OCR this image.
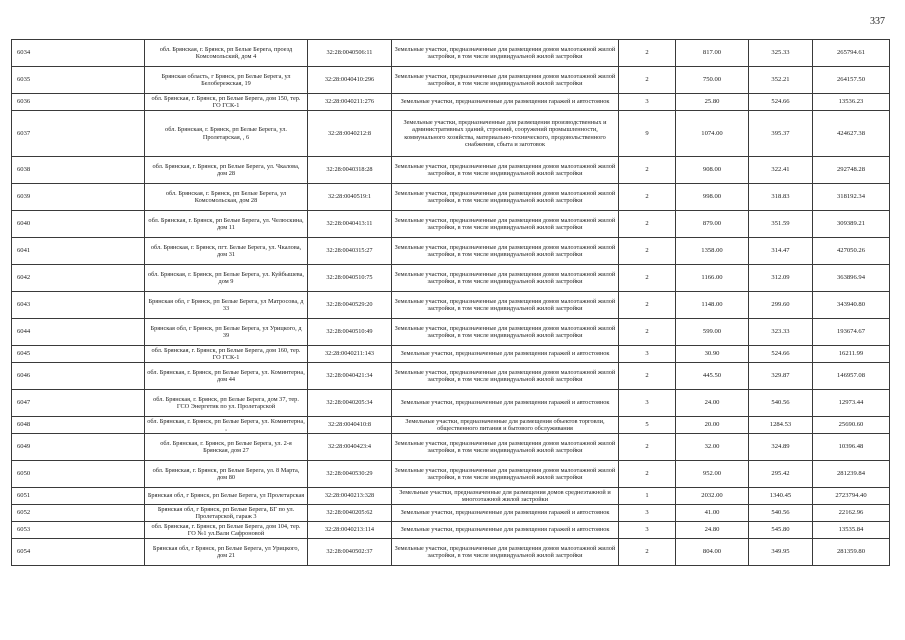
337
6034	обл. Брянская, г. Брянск, рп Белые Берега, проезд Комсомольский, дом 4	32:28:0040506:11	Земельные участки, предназначенные для размещения домов малоэтажной жилой застройки, в том числе индивидуальной жилой застройки	2	817.00	325.33	265794.61
6035	Брянская область, г Брянск, рп Белые Берега, ул Белобережская, 19	32:28:0040410:296	Земельные участки, предназначенные для размещения домов малоэтажной жилой застройки, в том числе индивидуальной жилой застройки	2	750.00	352.21	264157.50
6036	обл. Брянская, г. Брянск, рп Белые Берега, дом 150, тер. ГО ГСК-1	32:28:0040211:276	Земельные участки, предназначенные для размещения гаражей и автостоянок	3	25.80	524.66	13536.23
6037	обл. Брянская, г. Брянск, рп Белые Берега, ул. Пролетарская, , 6	32:28:0040212:8	Земельные участки, предназначенные для размещения производственных и административных зданий, строений, сооружений промышленности, коммунального хозяйства, материально-технического, продовольственного снабжения, сбыта и заготовок	9	1074.00	395.37	424627.38
6038	обл. Брянская, г. Брянск, рп Белые Берега, ул. Чкалова, дом 28	32:28:0040318:28	Земельные участки, предназначенные для размещения домов малоэтажной жилой застройки, в том числе индивидуальной жилой застройки	2	908.00	322.41	292748.28
6039	обл. Брянская, г. Брянск, рп Белые Берега, ул Комсомольская, дом 28	32:28:0040519:1	Земельные участки, предназначенные для размещения домов малоэтажной жилой застройки, в том числе индивидуальной жилой застройки	2	998.00	318.83	318192.34
6040	обл. Брянская, г. Брянск, рп Белые Берега, ул. Челюскина, дом 11	32:28:0040413:11	Земельные участки, предназначенные для размещения домов малоэтажной жилой застройки, в том числе индивидуальной жилой застройки	2	879.00	351.59	309389.21
6041	обл. Брянская, г. Брянск, пгт. Белые Берега, ул. Чкалова, дом 31	32:28:0040315:27	Земельные участки, предназначенные для размещения домов малоэтажной жилой застройки, в том числе индивидуальной жилой застройки	2	1358.00	314.47	427050.26
6042	обл. Брянская, г. Брянск, рп Белые Берега, ул. Куйбышева, дом 9	32:28:0040510:75	Земельные участки, предназначенные для размещения домов малоэтажной жилой застройки, в том числе индивидуальной жилой застройки	2	1166.00	312.09	363896.94
6043	Брянская обл, г Брянск, рп Белые Берега, ул Матросова, д 33	32:28:0040529:20	Земельные участки, предназначенные для размещения домов малоэтажной жилой застройки, в том числе индивидуальной жилой застройки	2	1148.00	299.60	343940.80
6044	Брянская обл, г Брянск, рп Белые Берега, ул Урицкого, д 39	32:28:0040510:49	Земельные участки, предназначенные для размещения домов малоэтажной жилой застройки, в том числе индивидуальной жилой застройки	2	599.00	323.33	193674.67
6045	обл. Брянская, г. Брянск, рп Белые Берега, дом 160, тер. ГО ГСК-1	32:28:0040211:143	Земельные участки, предназначенные для размещения гаражей и автостоянок	3	30.90	524.66	16211.99
6046	обл. Брянская, г. Брянск, рп Белые Берега, ул. Коминтерна, дом 44	32:28:0040421:34	Земельные участки, предназначенные для размещения домов малоэтажной жилой застройки, в том числе индивидуальной жилой застройки	2	445.50	329.87	146957.08
6047	обл. Брянская, г. Брянск, рп Белые Берега, дом 37, тер. ГСО Энергетик по ул. Пролетарской	32:28:0040205:34	Земельные участки, предназначенные для размещения гаражей и автостоянок	3	24.00	540.56	12973.44
6048	обл. Брянская, г. Брянск, рп Белые Берега, ул. Коминтерна, ,	32:28:0040410:8	Земельные участки, предназначенные для размещения объектов торговли, общественного питания и бытового обслуживания	5	20.00	1284.53	25690.60
6049	обл. Брянская, г. Брянск, рп Белые Берега, ул. 2-я Брянская, дом 27	32:28:0040423:4	Земельные участки, предназначенные для размещения домов малоэтажной жилой застройки, в том числе индивидуальной жилой застройки	2	32.00	324.89	10396.48
6050	обл. Брянская, г. Брянск, рп Белые Берега, ул. 8 Марта, дом 80	32:28:0040530:29	Земельные участки, предназначенные для размещения домов малоэтажной жилой застройки, в том числе индивидуальной жилой застройки	2	952.00	295.42	281239.84
6051	Брянская обл, г Брянск, рп Белые Берега, ул Пролетарская	32:28:0040213:328	Земельные участки, предназначенные для размещения домов среднеэтажной и многоэтажной жилой застройки	1	2032.00	1340.45	2723794.40
6052	Брянская обл, г Брянск, рп Белые Берега, БГ по ул. Пролетарской, гараж 3	32:28:0040205:62	Земельные участки, предназначенные для размещения гаражей и автостоянок	3	41.00	540.56	22162.96
6053	обл. Брянская, г. Брянск, рп Белые Берега, дом 104, тер. ГО №1 ул.Вали Сафроновой	32:28:0040213:114	Земельные участки, предназначенные для размещения гаражей и автостоянок	3	24.80	545.80	13535.84
6054	Брянская обл, г Брянск, рп Белые Берега, ул Урицкого, дом 21	32:28:0040502:37	Земельные участки, предназначенные для размещения домов малоэтажной жилой застройки, в том числе индивидуальной жилой застройки	2	804.00	349.95	281359.80
